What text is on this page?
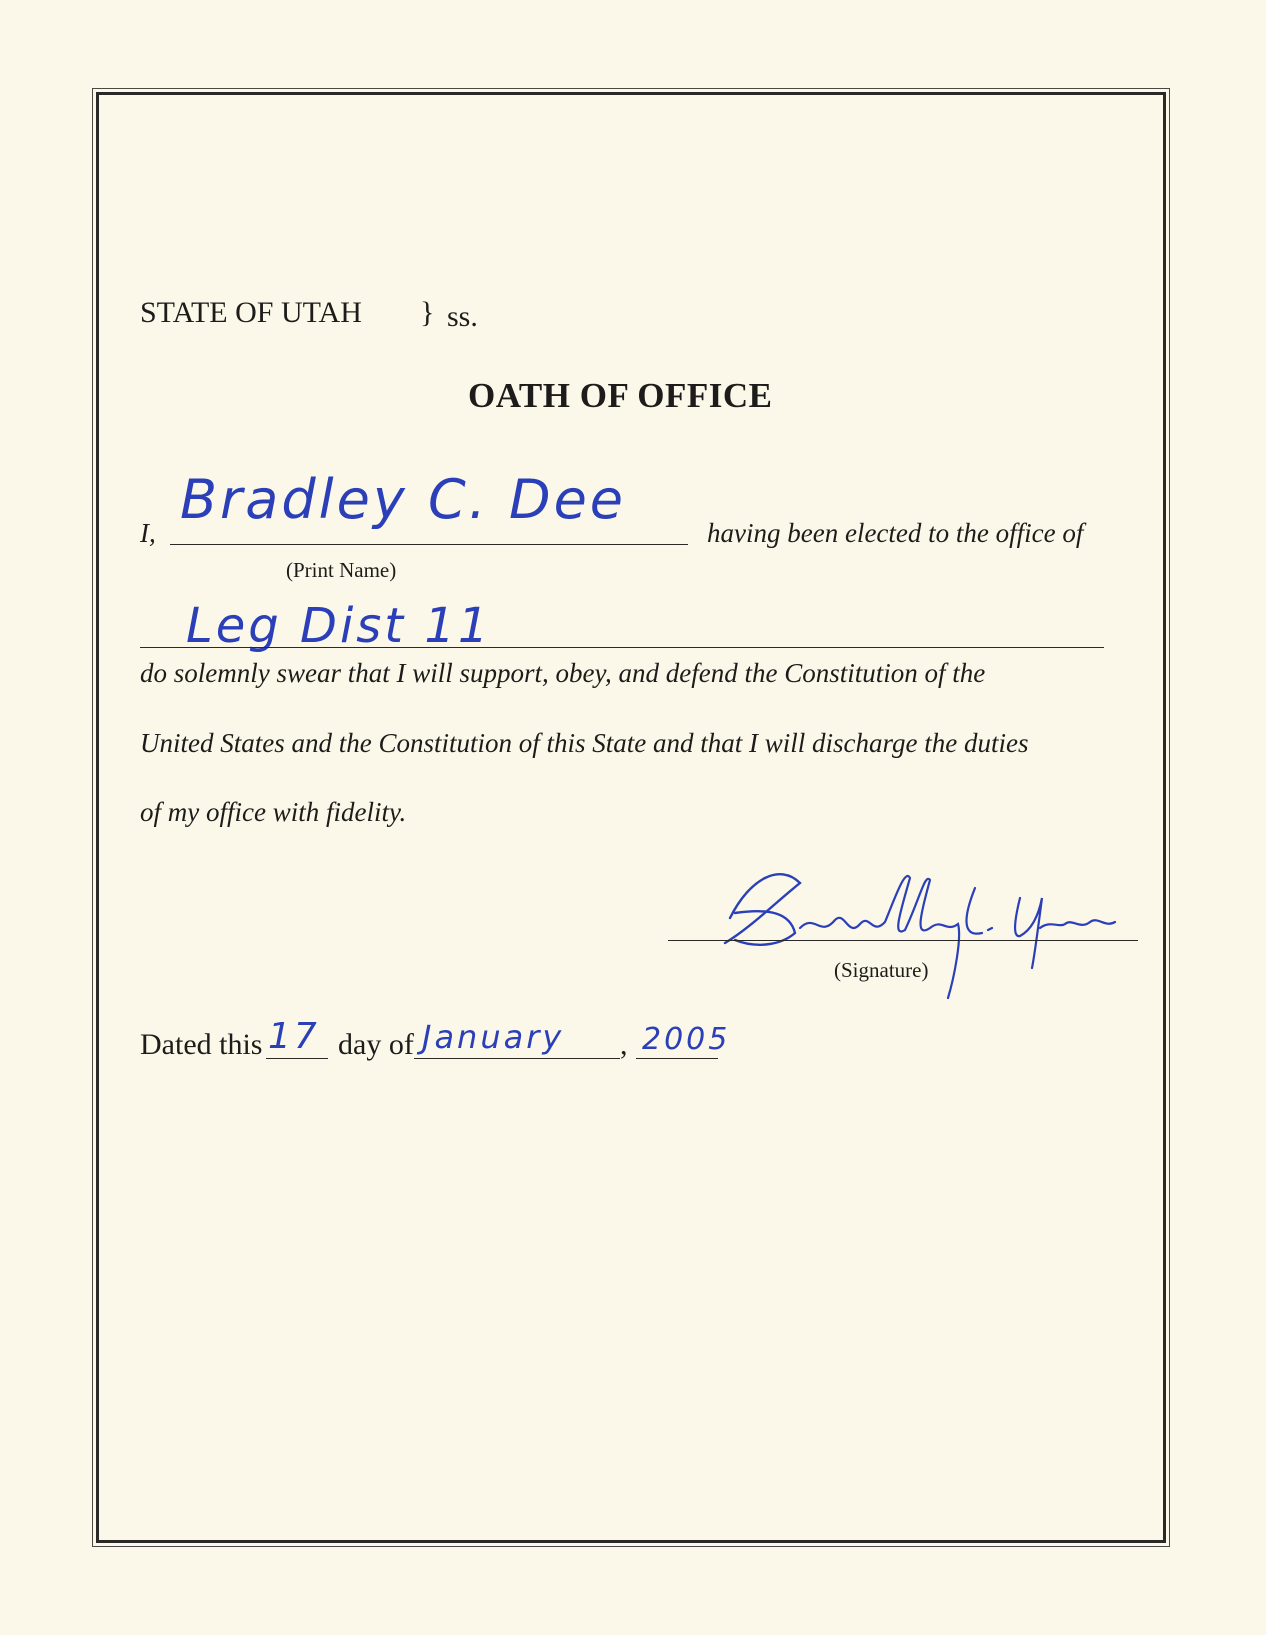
STATE OF UTAH } ss.
OATH OF OFFICE
I,
Bradley C. Dee
having been elected to the office of
(Print Name)
Leg Dist 11
do solemnly swear that I will support, obey, and defend the Constitution of the
United States and the Constitution of this State and that I will discharge the duties
of my office with fidelity.
(Signature)
Dated this 17 day of January , 2005
